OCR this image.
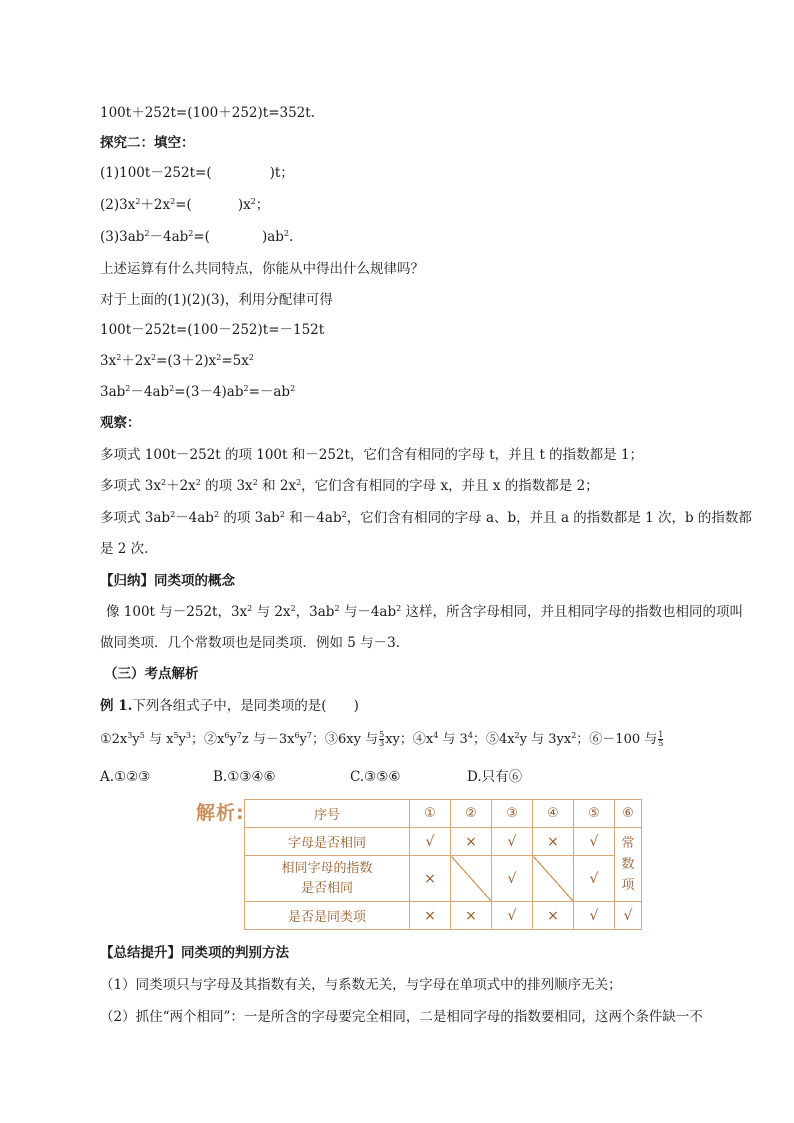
100t＋252t=(100＋252)t=352t.
探究二：填空：
(1)100t－252t=(	)t；
$(2)3x^2+2x^2=$(	)$x^2$；
$(3)3ab^2-4ab^2=$(	)$ab^2$.
上述运算有什么共同特点，你能从中得出什么规律吗？
对于上面的(1)(2)(3)，利用分配律可得
100t－252t=(100－252)t=－152t
$3x^2+2x^2=(3+2)x^2=5x^2$
$3ab^2-4ab^2=(3-4)ab^2=-ab^2$
观察：
多项式 100t－252t 的项 100t 和－252t，它们含有相同的字母 t，并且 t 的指数都是 1；
多项式 $3x^2+2x^2$ 的项 $3x^2$ 和 $2x^2$，它们含有相同的字母 x，并且 x 的指数都是 2；
多项式 $3ab^2-4ab^2$ 的项 $3ab^2$ 和$-4ab^2$，它们含有相同的字母 a、b，并且 a 的指数都是 1 次，b 的指数都
是 2 次.
【归纳】同类项的概念
像 100t 与－252t，$3x^2$ 与 $2x^2$，$3ab^2$ 与$-4ab^2$ 这样，所含字母相同，并且相同字母的指数也相同的项叫
做同类项．几个常数项也是同类项．例如 5 与－3.
（三）考点解析
例 1.下列各组式子中，是同类项的是(　　)
$①2x^3y^5$ 与 $x^5y^3$；$②x^6y^7z$ 与$-3x^6y^7$；③6xy 与 $\frac{5}{3}$ xy；$④x^4$ 与 $3^4$；$⑤4x^2y$ 与 $3yx^2$；⑥－100 与 $\frac{1}{5}$
A.①②③	B.①③④⑥	C.③⑤⑥	D.只有⑥
解析:	序号	①	②	③	④	⑤	⑥
字母是否相同	√	×	√	×	√	常
数
项

相同字母的指数
是否相同	×		√		√	
是否是同类项	×	×	√	×	√	√
【总结提升】同类项的判别方法
（1）同类项只与字母及其指数有关，与系数无关，与字母在单项式中的排列顺序无关；
（2）抓住“两个相同”：一是所含的字母要完全相同，二是相同字母的指数要相同，这两个条件缺一不
